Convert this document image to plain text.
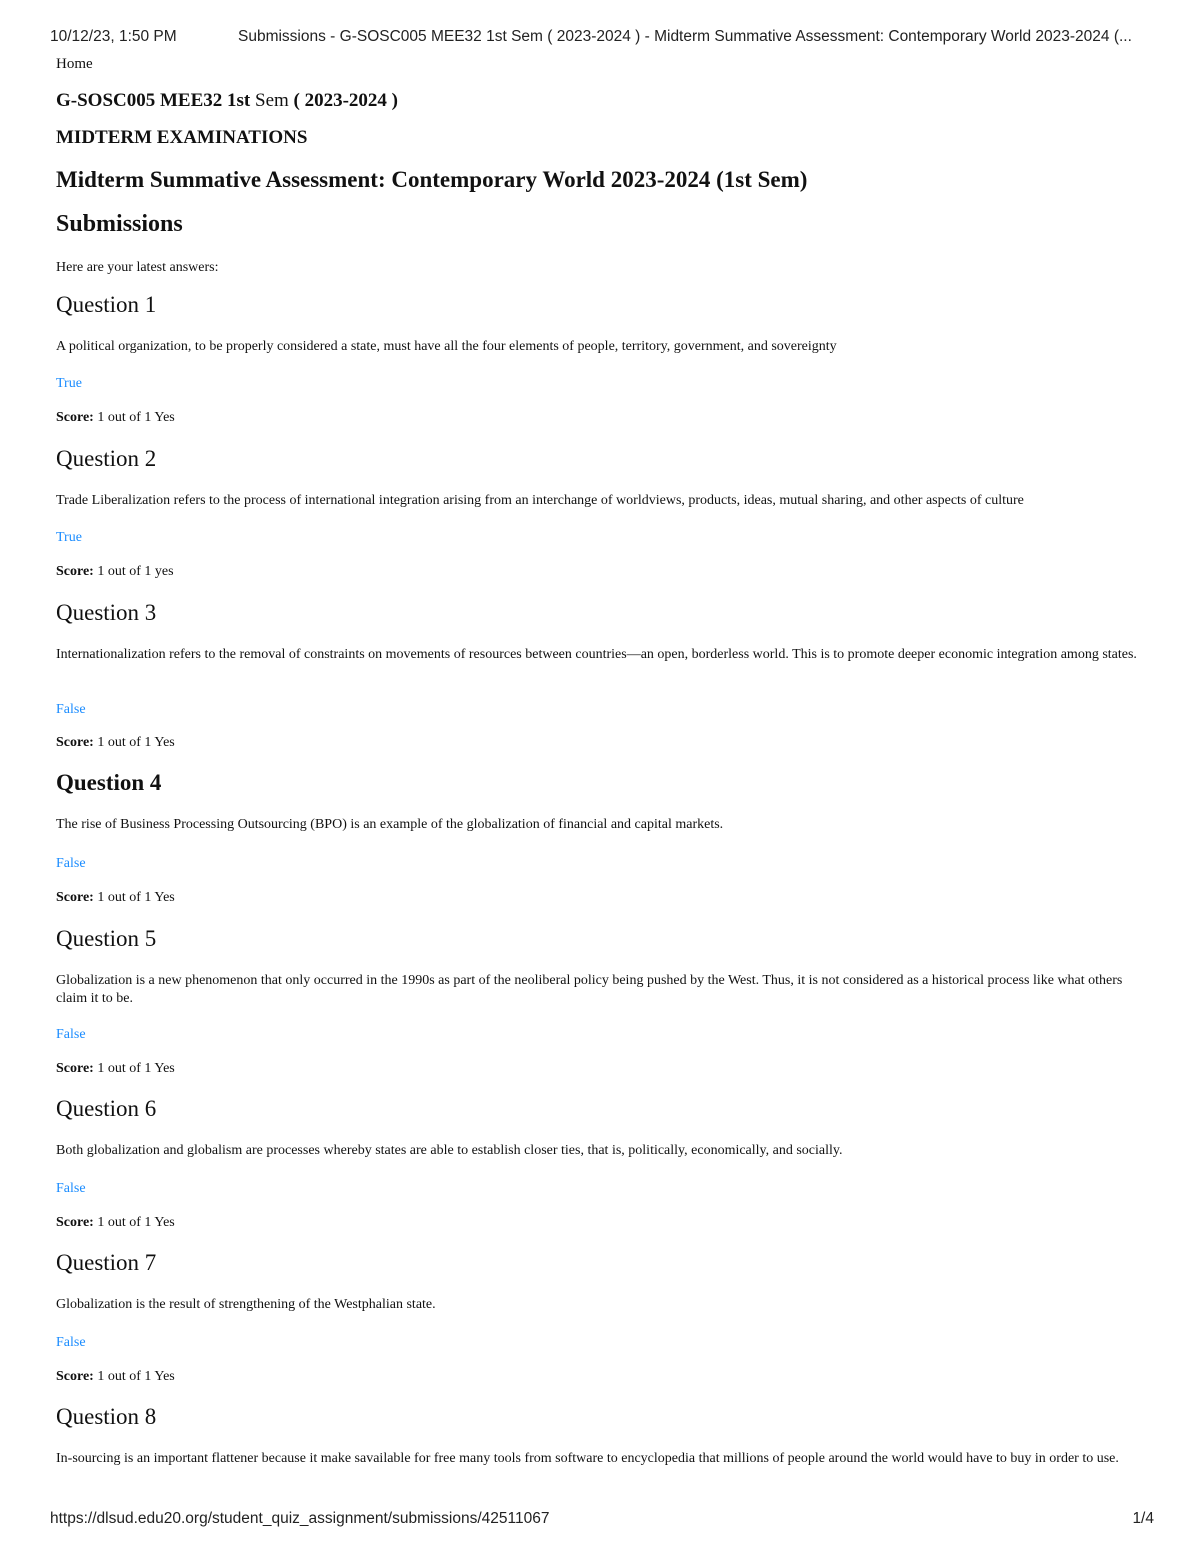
10/12/23, 1:50 PM	Submissions - G-SOSC005 MEE32 1st Sem ( 2023-2024 ) - Midterm Summative Assessment: Contemporary World 2023-2024 (...
Home
G-SOSC005 MEE32 1st Sem ( 2023-2024 )
MIDTERM EXAMINATIONS
Midterm Summative Assessment: Contemporary World 2023-2024 (1st Sem)
Submissions
Here are your latest answers:
Question 1
A political organization, to be properly considered a state, must have all the four elements of people, territory, government, and sovereignty
True
Score: 1 out of 1 Yes
Question 2
Trade Liberalization refers to the process of international integration arising from an interchange of worldviews, products, ideas, mutual sharing, and other aspects of culture
True
Score: 1 out of 1 yes
Question 3
Internationalization refers to the removal of constraints on movements of resources between countries—an open, borderless world. This is to promote deeper economic integration among states.
False
Score: 1 out of 1 Yes
Question 4
The rise of Business Processing Outsourcing (BPO) is an example of the globalization of financial and capital markets.
False
Score: 1 out of 1 Yes
Question 5
Globalization is a new phenomenon that only occurred in the 1990s as part of the neoliberal policy being pushed by the West. Thus, it is not considered as a historical process like what others claim it to be.
False
Score: 1 out of 1 Yes
Question 6
Both globalization and globalism are processes whereby states are able to establish closer ties, that is, politically, economically, and socially.
False
Score: 1 out of 1 Yes
Question 7
Globalization is the result of strengthening of the Westphalian state.
False
Score: 1 out of 1 Yes
Question 8
In-sourcing is an important flattener because it make savailable for free many tools from software to encyclopedia that millions of people around the world would have to buy in order to use.
https://dlsud.edu20.org/student_quiz_assignment/submissions/42511067	1/4
